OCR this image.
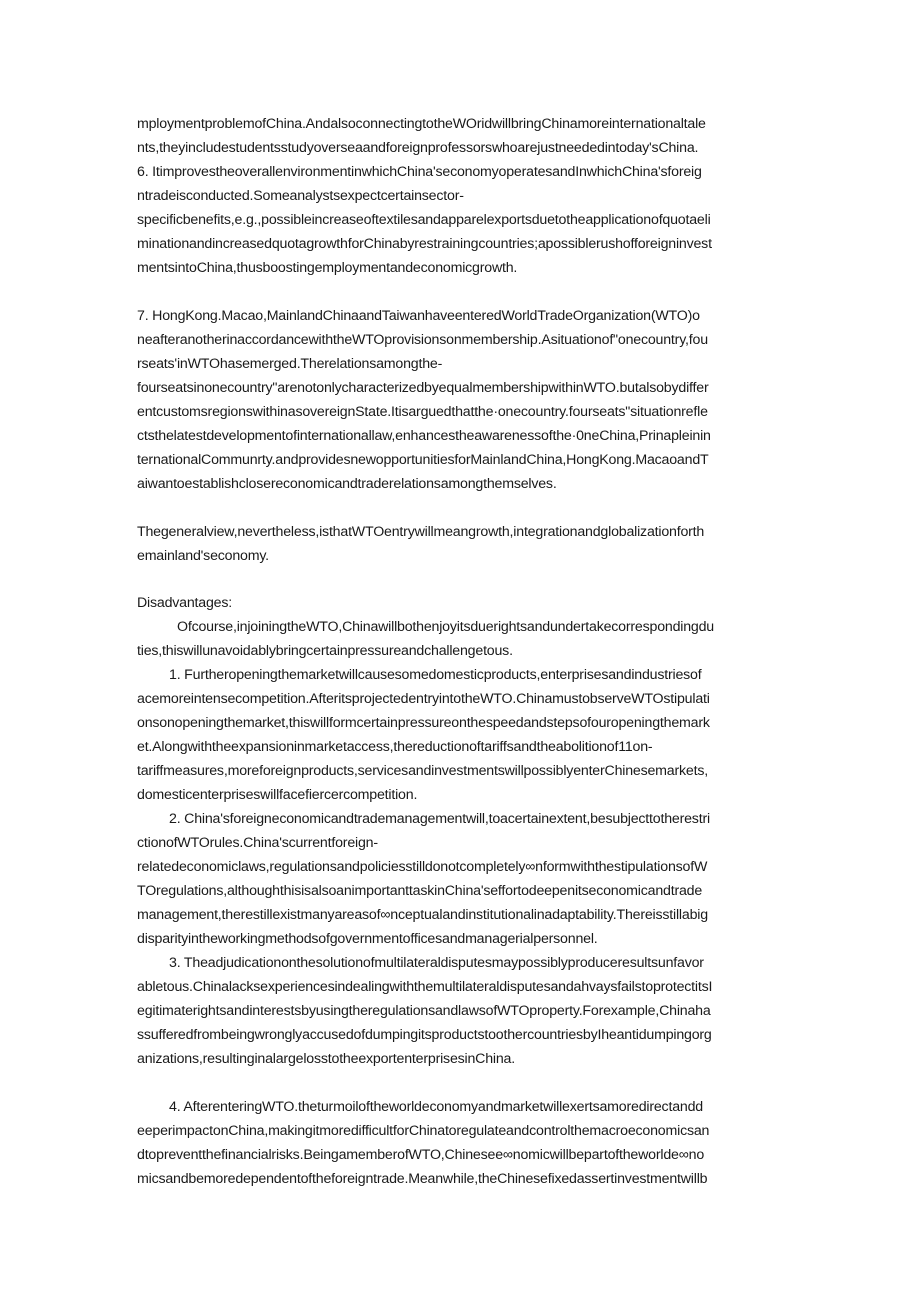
mploymentproblemofChina.AndalsoconnectingtotheWOridwillbringChinamoreinternationaltale
nts,theyincludestudentsstudyoverseaandforeignprofessorswhoarejustneededintoday'sChina.
6. ItimprovestheoverallenvironmentinwhichChina'seconomyoperatesandInwhichChina'sforeig
ntradeisconducted.Someanalystsexpectcertainsector-
specificbenefits,e.g.,possibleincreaseoftextilesandapparelexportsduetotheapplicationofquotaeli
minationandincreasedquotagrowthforChinabyrestrainingcountries;apossiblerushofforeigninvest
mentsintoChina,thusboostingemploymentandeconomicgrowth.
7. HongKong.Macao,MainlandChinaandTaiwanhaveenteredWorldTradeOrganization(WTO)o
neafteranotherinaccordancewiththeWTOprovisionsonmembership.Asituationof"onecountry,fou
rseats'inWTOhasemerged.Therelationsamongthe-
fourseatsinonecountry"arenotonlycharacterizedbyequalmembershipwithinWTO.butalsobydiffer
entcustomsregionswithinasovereignState.Itisarguedthatthe·onecountry.fourseats"situationrefle
ctsthelatestdevelopmentofinternationallaw,enhancestheawarenessofthe·0neChina,Prinapleinin
ternationalCommunrty.andprovidesnewopportunitiesforMainlandChina,HongKong.MacaoandT
aiwantoestablishclosereconomicandtraderelationsamongthemselves.
Thegeneralview,nevertheless,isthatWTOentrywillmeangrowth,integrationandglobalizationforth
emainland'seconomy.
Disadvantages:
Ofcourse,injoiningtheWTO,Chinawillbothenjoyitsduerightsandundertakecorrespondingdu
ties,thiswillunavoidablybringcertainpressureandchallengetous.
1. Furtheropeningthemarketwillcausesomedomesticproducts,enterprisesandindustriesof
acemoreintensecompetition.AfteritsprojectedentryintotheWTO.ChinamustobserveWTOstipulati
onsonopeningthemarket,thiswillformcertainpressureonthespeedandstepsofouropeningthemark
et.Alongwiththeexpansioninmarketaccess,thereductionoftariffsandtheabolitionof11on-
tariffmeasures,moreforeignproducts,servicesandinvestmentswillpossiblyenterChinesemarkets,
domesticenterpriseswillfacefiercercompetition.
2. China'sforeigneconomicandtrademanagementwill,toacertainextent,besubjecttotherestri
ctionofWTOrules.China'scurrentforeign-
relatedeconomiclaws,regulationsandpoliciesstilldonotcompletely∞nformwiththestipulationsofW
TOregulations,althoughthisisalsoanimportanttaskinChina'seffortodeepenitseconomicandtrade
management,therestillexistmanyareasof∞nceptualandinstitutionalinadaptability.Thereisstillabig
disparityintheworkingmethodsofgovernmentofficesandmanagerialpersonnel.
3. Theadjudicationonthesolutionofmultilateraldisputesmaypossiblyproduceresultsunfavor
abletous.ChinalacksexperiencesindealingwiththemultilateraldisputesandahvaysfailstoprotectitsI
egitimaterightsandinterestsbyusingtheregulationsandlawsofWTOproperty.Forexample,Chinaha
ssufferedfrombeingwronglyaccusedofdumpingitsproductstoothercountriesbyIheantidumpingorg
anizations,resultinginalargelosstotheexportenterprisesinChina.
4. AfterenteringWTO.theturmoiloftheworldeconomyandmarketwillexertsamoredirectandd
eeperimpactonChina,makingitmoredifficultforChinatoregulateandcontrolthemacroeconomicsan
dtopreventthefinancialrisks.BeingamemberofWTO,Chinesee∞nomicwillbepartoftheworlde∞no
micsandbemoredependentoftheforeigntrade.Meanwhile,theChinesefixedassertinvestmentwillb
